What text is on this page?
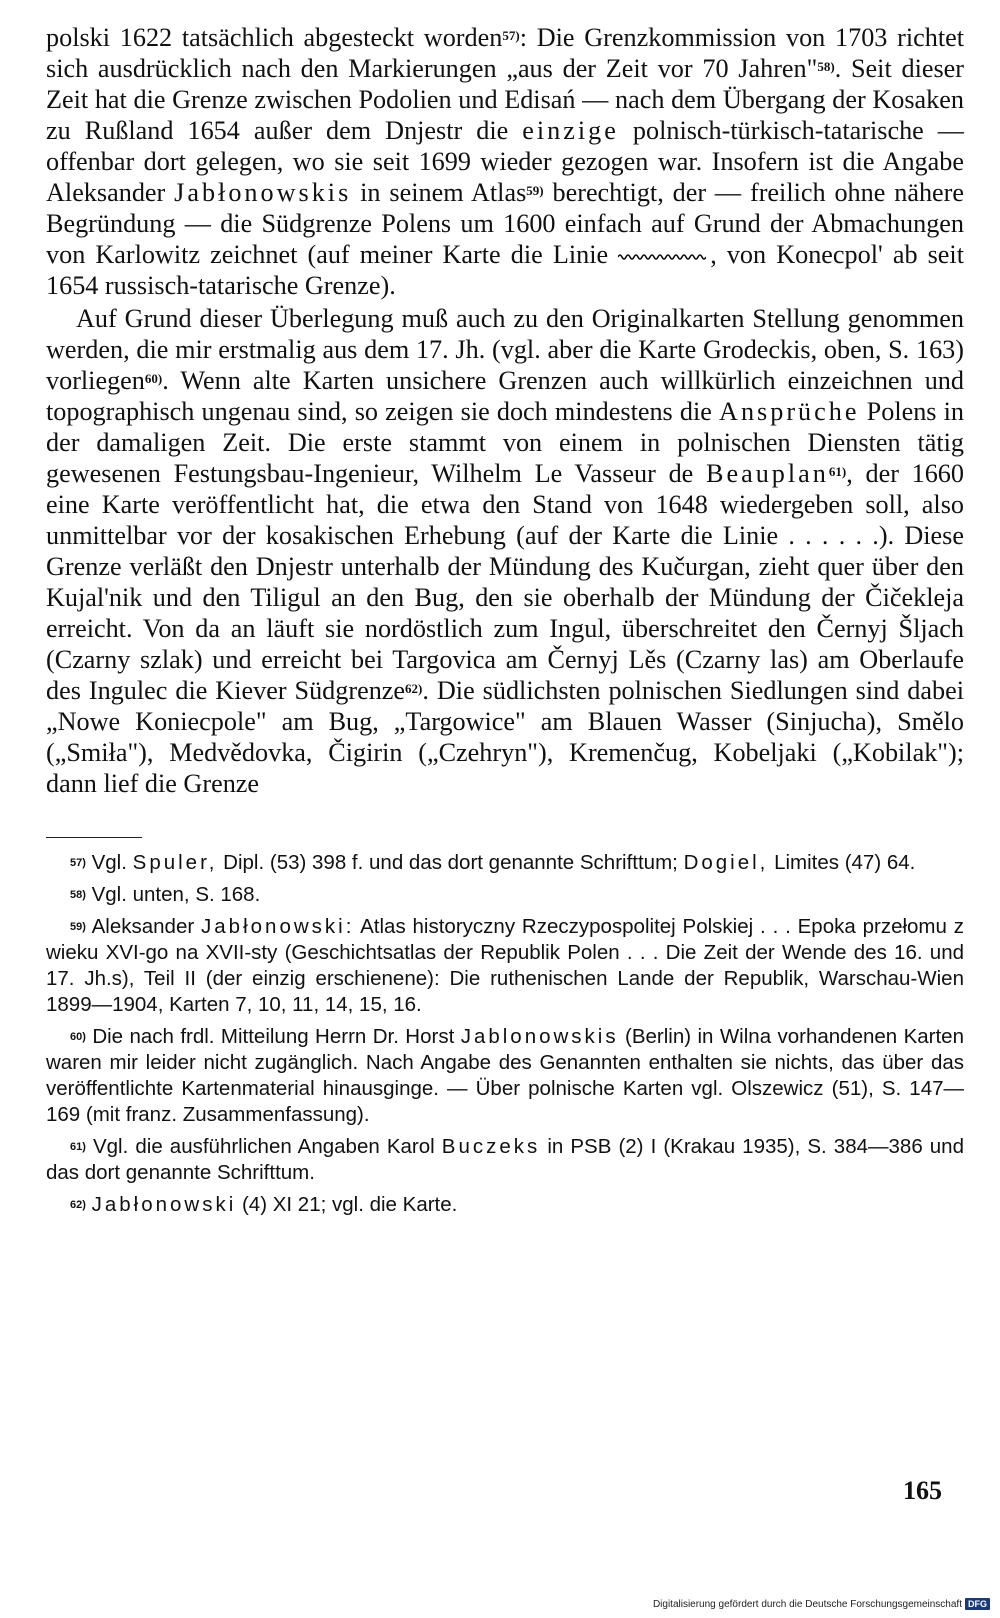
polski 1622 tatsächlich abgesteckt worden$^{57)}$: Die Grenzkommission von 1703 richtet sich ausdrücklich nach den Markierungen „aus der Zeit vor 70 Jahren"$^{58)}$. Seit dieser Zeit hat die Grenze zwischen Podolien und Edisań — nach dem Übergang der Kosaken zu Rußland 1654 außer dem Dnjestr die einzige polnisch-türkisch-tatarische — offenbar dort gelegen, wo sie seit 1699 wieder gezogen war. Insofern ist die Angabe Aleksander Jabłonowskis in seinem Atlas$^{59)}$ berechtigt, der — freilich ohne nähere Begründung — die Südgrenze Polens um 1600 einfach auf Grund der Abmachungen von Karlowitz zeichnet (auf meiner Karte die Linie	, von Konecpol' ab seit 1654 russisch-tatarische Grenze).

Auf Grund dieser Überlegung muß auch zu den Originalkarten Stellung genommen werden, die mir erstmalig aus dem 17. Jh. (vgl. aber die Karte Grodeckis, oben, S. 163) vorliegen$^{60)}$. Wenn alte Karten unsichere Grenzen auch willkürlich einzeichnen und topographisch ungenau sind, so zeigen sie doch mindestens die Ansprüche Polens in der damaligen Zeit. Die erste stammt von einem in polnischen Diensten tätig gewesenen Festungsbau-Ingenieur, Wilhelm Le Vasseur de Beauplan$^{61)}$, der 1660 eine Karte veröffentlicht hat, die etwa den Stand von 1648 wiedergeben soll, also unmittelbar vor der kosakischen Erhebung (auf der Karte die Linie . . . . . .). Diese Grenze verläßt den Dnjestr unterhalb der Mündung des Kučurgan, zieht quer über den Kujal'nik und den Tiligul an den Bug, den sie oberhalb der Mündung der Čičekleja erreicht. Von da an läuft sie nordöstlich zum Ingul, überschreitet den Černyj Šljach (Czarny szlak) und erreicht bei Targovica am Černyj Lěs (Czarny las) am Oberlaufe des Ingulec die Kiever Südgrenze$^{62)}$. Die südlichsten polnischen Siedlungen sind dabei „Nowe Koniecpole" am Bug, „Targowice" am Blauen Wasser (Sinjucha), Smělo („Smiła"), Medvědovka, Čigirin („Czehryn"), Kremenčug, Kobeljaki („Kobilak"); dann lief die Grenze

$^{57)}$ Vgl. Spuler, Dipl. (53) 398 f. und das dort genannte Schrifttum; Dogiel, Limites (47) 64.

$^{58)}$ Vgl. unten, S. 168.

$^{59)}$ Aleksander Jabłonowski: Atlas historyczny Rzeczypospolitej Polskiej . . . Epoka przełomu z wieku XVI-go na XVII-sty (Geschichtsatlas der Republik Polen . . . Die Zeit der Wende des 16. und 17. Jh.s), Teil II (der einzig erschienene): Die ruthenischen Lande der Republik, Warschau-Wien 1899—1904, Karten 7, 10, 11, 14, 15, 16.

$^{60)}$ Die nach frdl. Mitteilung Herrn Dr. Horst Jablonowskis (Berlin) in Wilna vorhandenen Karten waren mir leider nicht zugänglich. Nach Angabe des Genannten enthalten sie nichts, das über das veröffentlichte Kartenmaterial hinausginge. — Über polnische Karten vgl. Olszewicz (51), S. 147—169 (mit franz. Zusammenfassung).

$^{61)}$ Vgl. die ausführlichen Angaben Karol Buczeks in PSB (2) I (Krakau 1935), S. 384—386 und das dort genannte Schrifttum.

$^{62)}$ Jabłonowski (4) XI 21; vgl. die Karte.

165
Digitalisierung gefördert durch die Deutsche Forschungsgemeinschaft DFG
